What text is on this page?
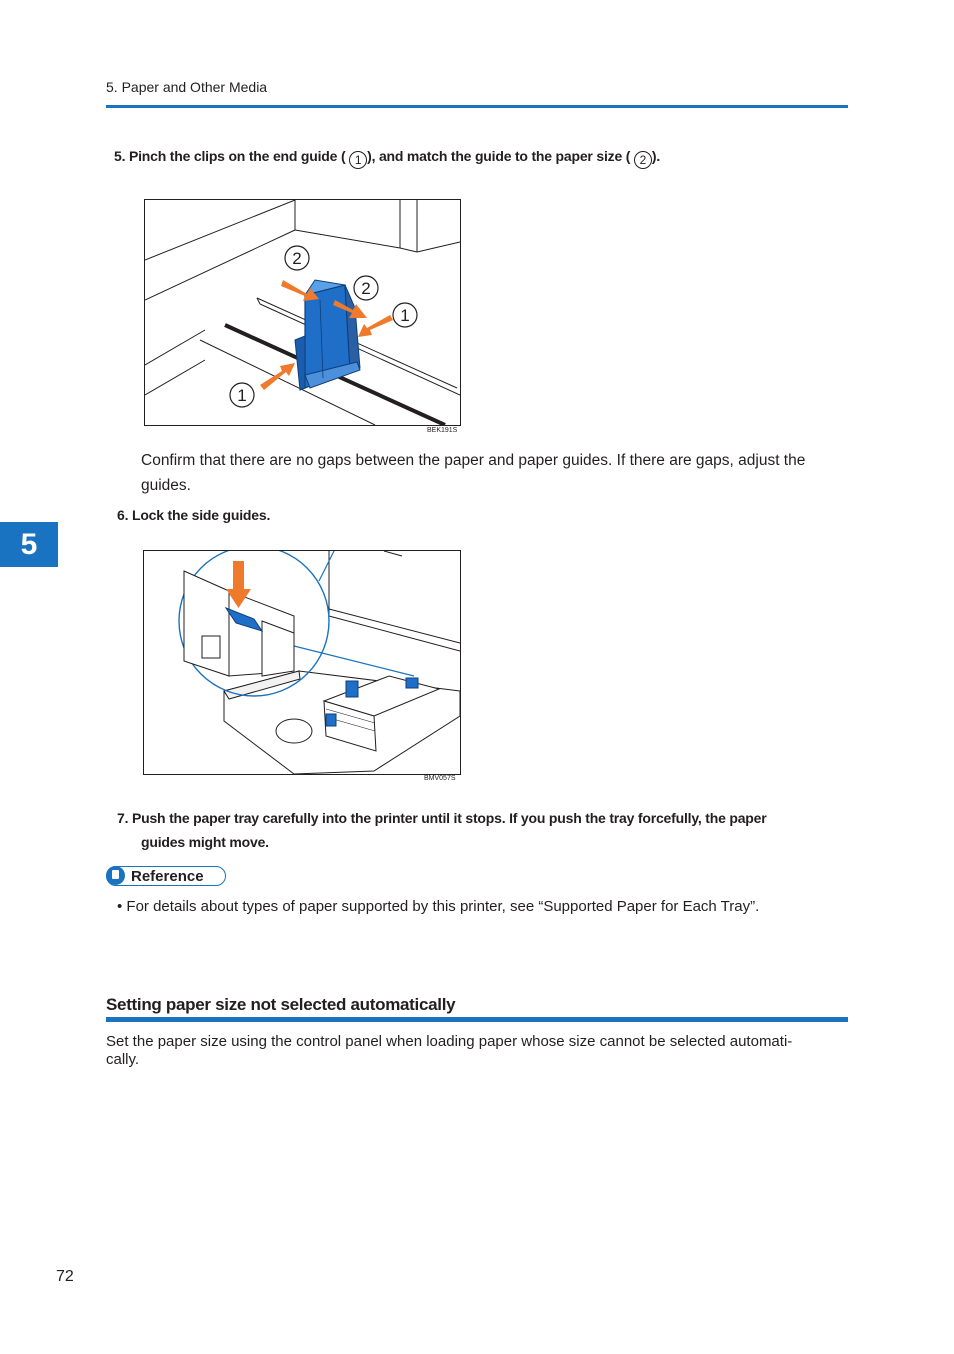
5. Paper and Other Media
5
5. Pinch the clips on the end guide ( 1 ), and match the guide to the paper size ( 2 ).
2
2
1
1
BEK191S
Confirm that there are no gaps between the paper and paper guides. If there are gaps, adjust the guides.
6. Lock the side guides.
BMV057S
7. Push the paper tray carefully into the printer until it stops. If you push the tray forcefully, the paper
guides might move.
Reference
• For details about types of paper supported by this printer, see “Supported Paper for Each Tray”.
Setting paper size not selected automatically
Set the paper size using the control panel when loading paper whose size cannot be selected automati-
cally.
72
